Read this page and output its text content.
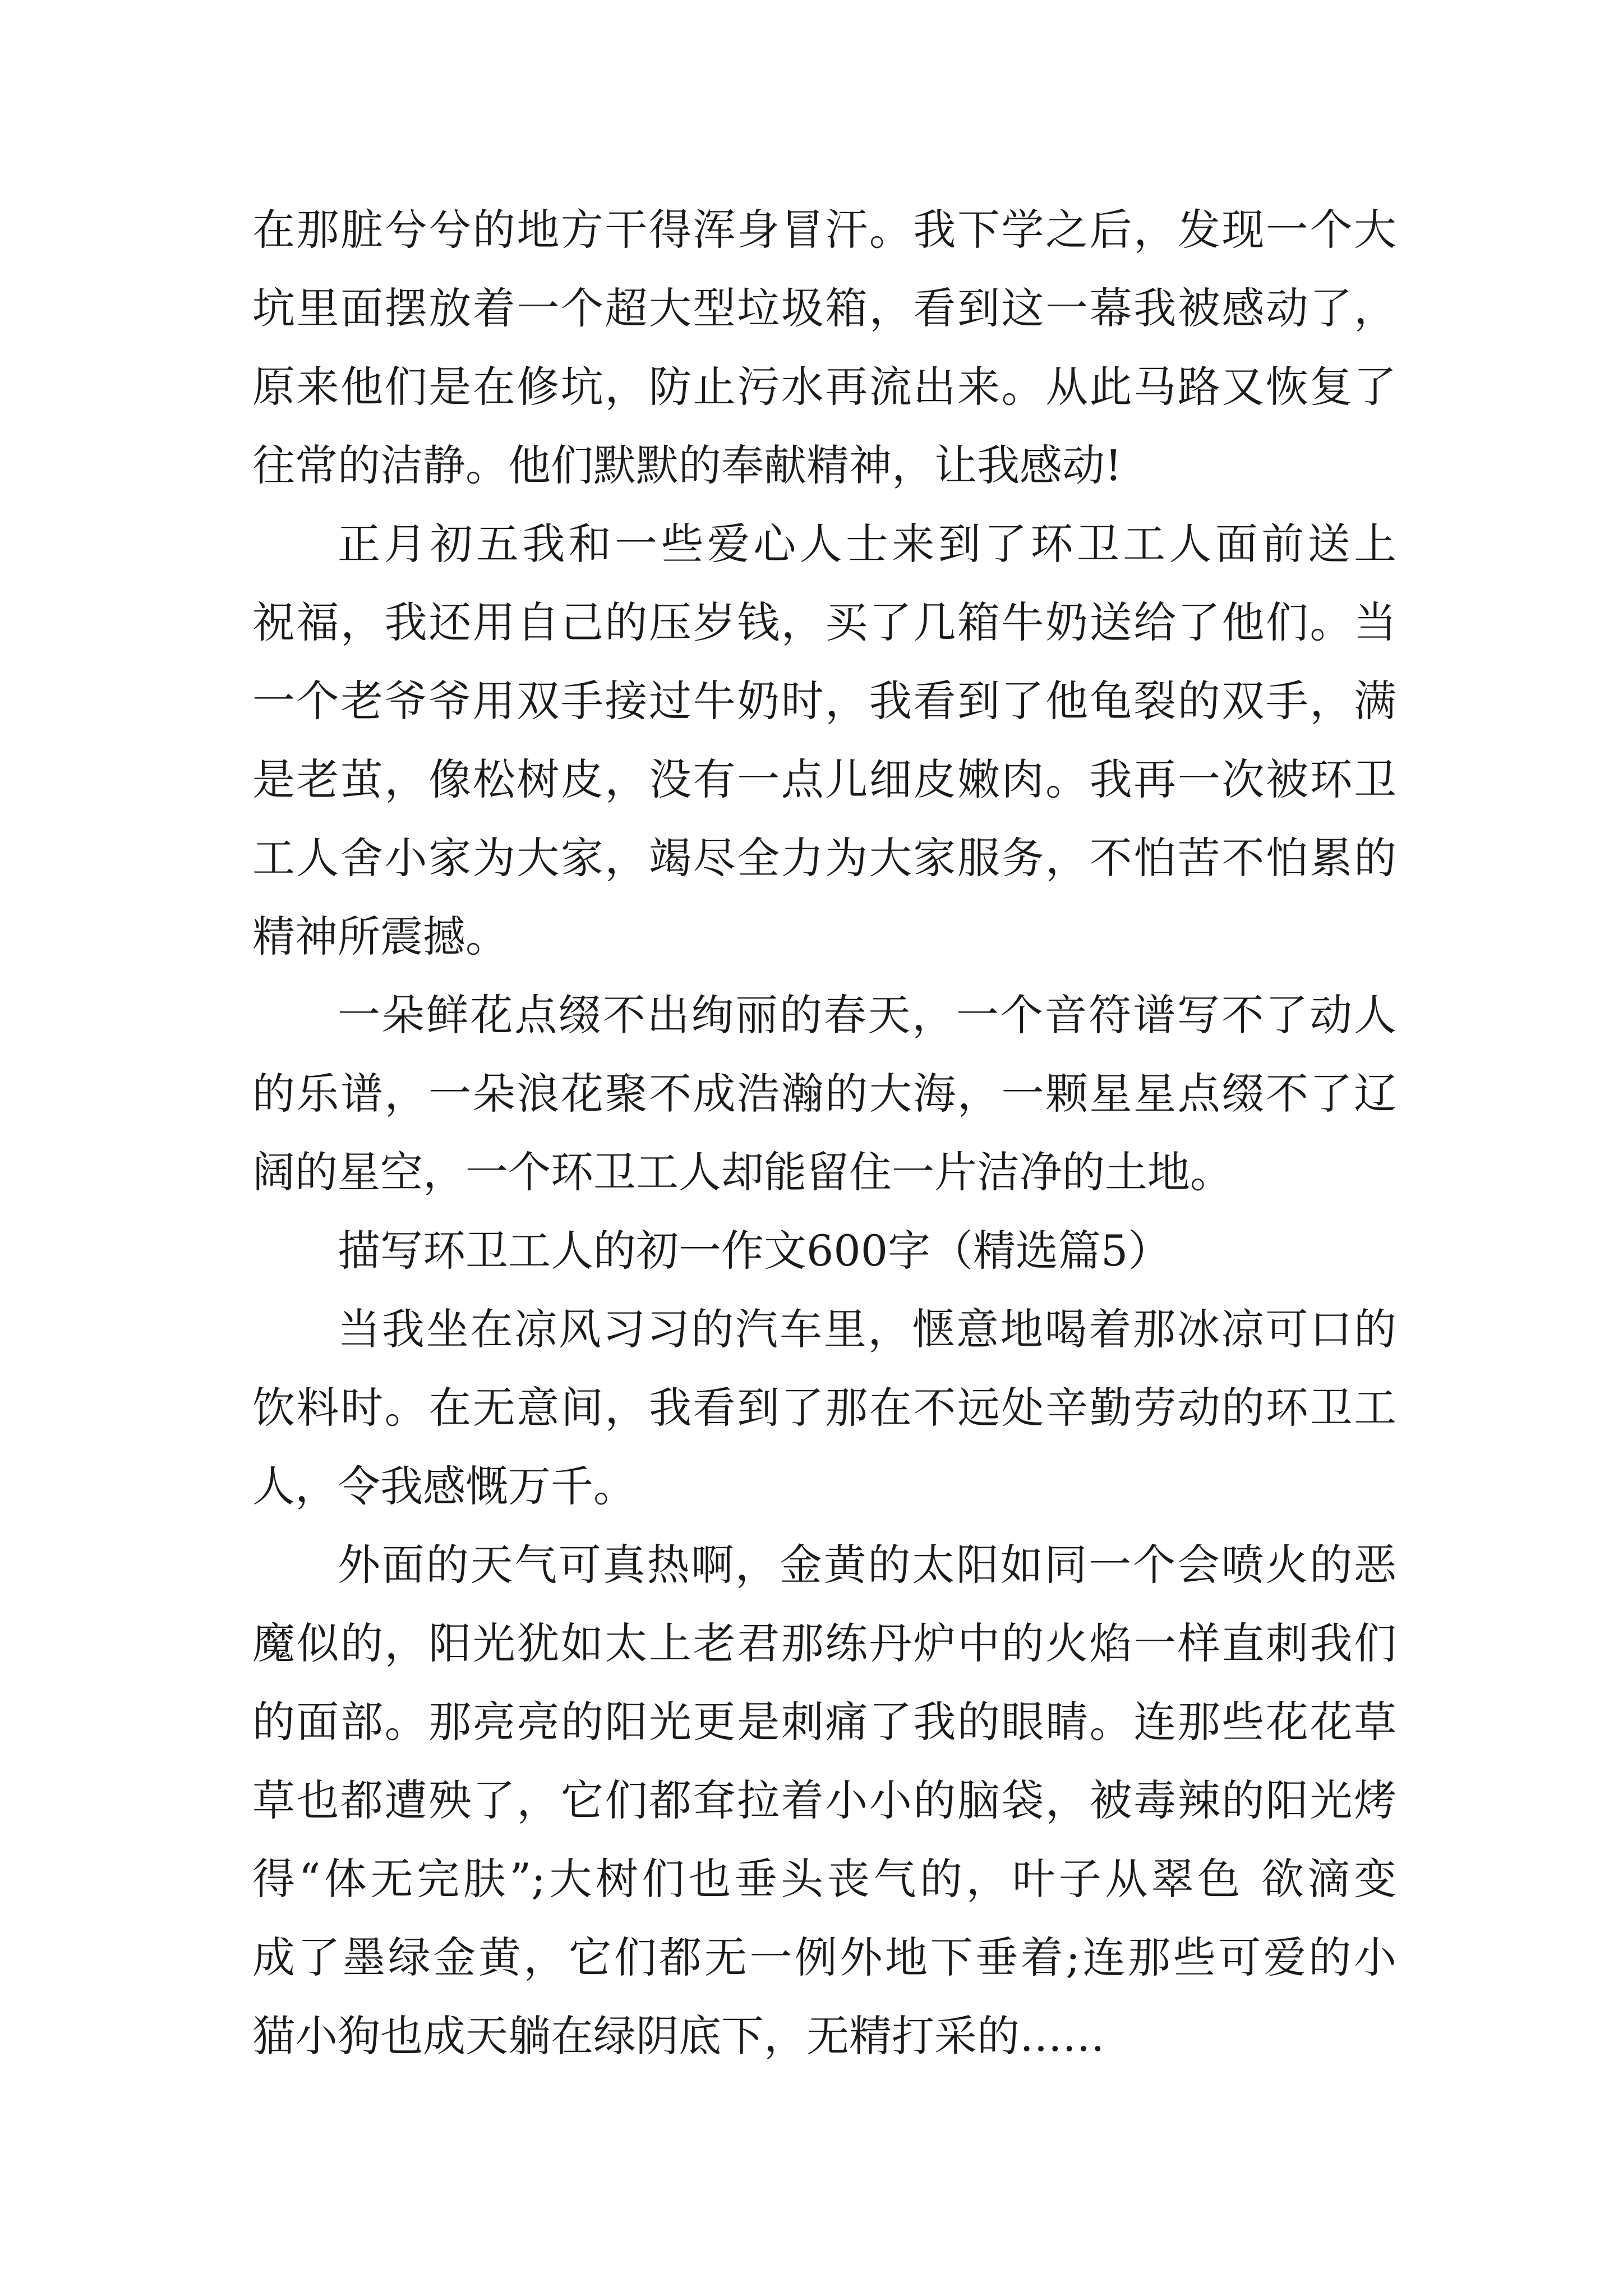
在那脏兮兮的地方干得浑身冒汗。我下学之后，发现一个大
坑里面摆放着一个超大型垃圾箱，看到这一幕我被感动了，
原来他们是在修坑，防止污水再流出来。从此马路又恢复了
往常的洁静。他们默默的奉献精神，让我感动!
正月初五我和一些爱心人士来到了环卫工人面前送上
祝福，我还用自己的压岁钱，买了几箱牛奶送给了他们。当
一个老爷爷用双手接过牛奶时，我看到了他龟裂的双手，满
是老茧，像松树皮，没有一点儿细皮嫩肉。我再一次被环卫
工人舍小家为大家，竭尽全力为大家服务，不怕苦不怕累的
精神所震撼。
一朵鲜花点缀不出绚丽的春天，一个音符谱写不了动人
的乐谱，一朵浪花聚不成浩瀚的大海，一颗星星点缀不了辽
阔的星空，一个环卫工人却能留住一片洁净的土地。
描写环卫工人的初一作文600字（精选篇5）
当我坐在凉风习习的汽车里，惬意地喝着那冰凉可口的
饮料时。在无意间，我看到了那在不远处辛勤劳动的环卫工
人，令我感慨万千。
外面的天气可真热啊，金黄的太阳如同一个会喷火的恶
魔似的，阳光犹如太上老君那练丹炉中的火焰一样直刺我们
的面部。那亮亮的阳光更是刺痛了我的眼睛。连那些花花草
草也都遭殃了，它们都耷拉着小小的脑袋，被毒辣的阳光烤
得“体无完肤”;大树们也垂头丧气的，叶子从翠色 欲滴变
成了墨绿金黄，它们都无一例外地下垂着;连那些可爱的小
猫小狗也成天躺在绿阴底下，无精打采的……
